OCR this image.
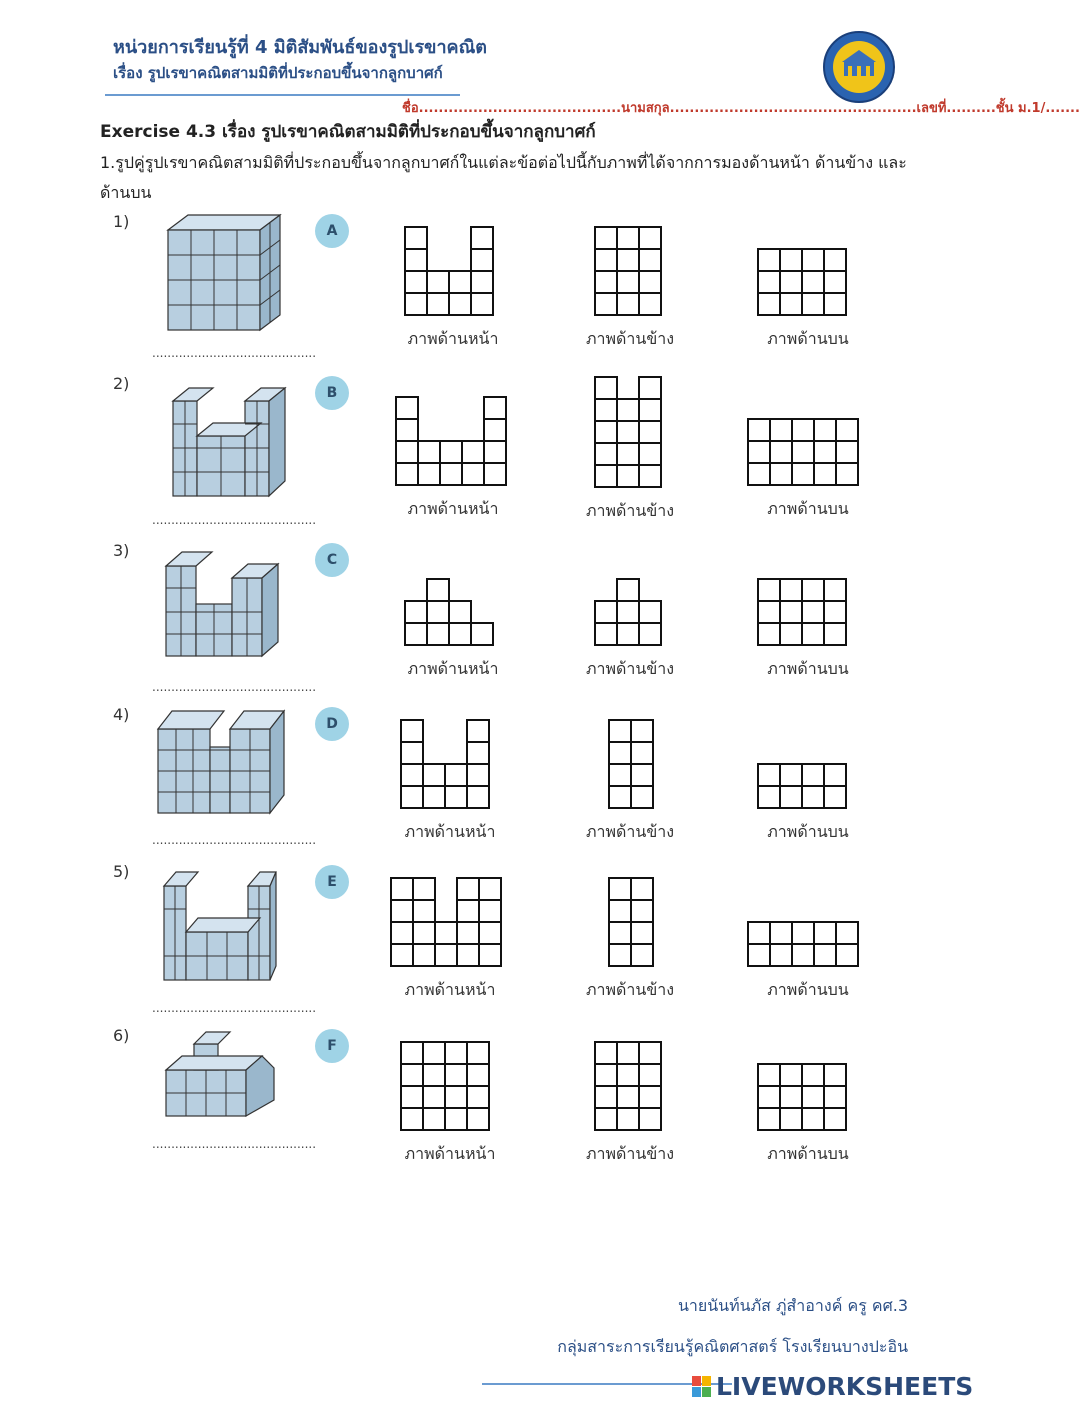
หน่วยการเรียนรู้ที่ 4 มิติสัมพันธ์ของรูปเรขาคณิต
เรื่อง รูปเรขาคณิตสามมิติที่ประกอบขึ้นจากลูกบาศก์
ชื่อ.........................................นามสกุล..................................................เลขที่..........ชั้น ม.1/.......
Exercise 4.3 เรื่อง รูปเรขาคณิตสามมิติที่ประกอบขึ้นจากลูกบาศก์
1.รูปคู่รูปเรขาคณิตสามมิติที่ประกอบขึ้นจากลูกบาศก์ในแต่ละข้อต่อไปนี้กับภาพที่ได้จากการมองด้านหน้า ด้านข้าง และด้านบน
1)
2)
3)
4)
5)
6)
...........................................
...........................................
...........................................
...........................................
...........................................
...........................................
A
B
C
D
E
F
ภาพด้านหน้า	ภาพด้านข้าง	ภาพด้านบน
ภาพด้านหน้า	ภาพด้านข้าง	ภาพด้านบน
ภาพด้านหน้า	ภาพด้านข้าง	ภาพด้านบน
ภาพด้านหน้า	ภาพด้านข้าง	ภาพด้านบน
ภาพด้านหน้า	ภาพด้านข้าง	ภาพด้านบน
ภาพด้านหน้า	ภาพด้านข้าง	ภาพด้านบน
นายนันท์นภัส ภู่สำอางค์ ครู คศ.3
กลุ่มสาระการเรียนรู้คณิตศาสตร์ โรงเรียนบางปะอิน
LIVEWORKSHEETS
